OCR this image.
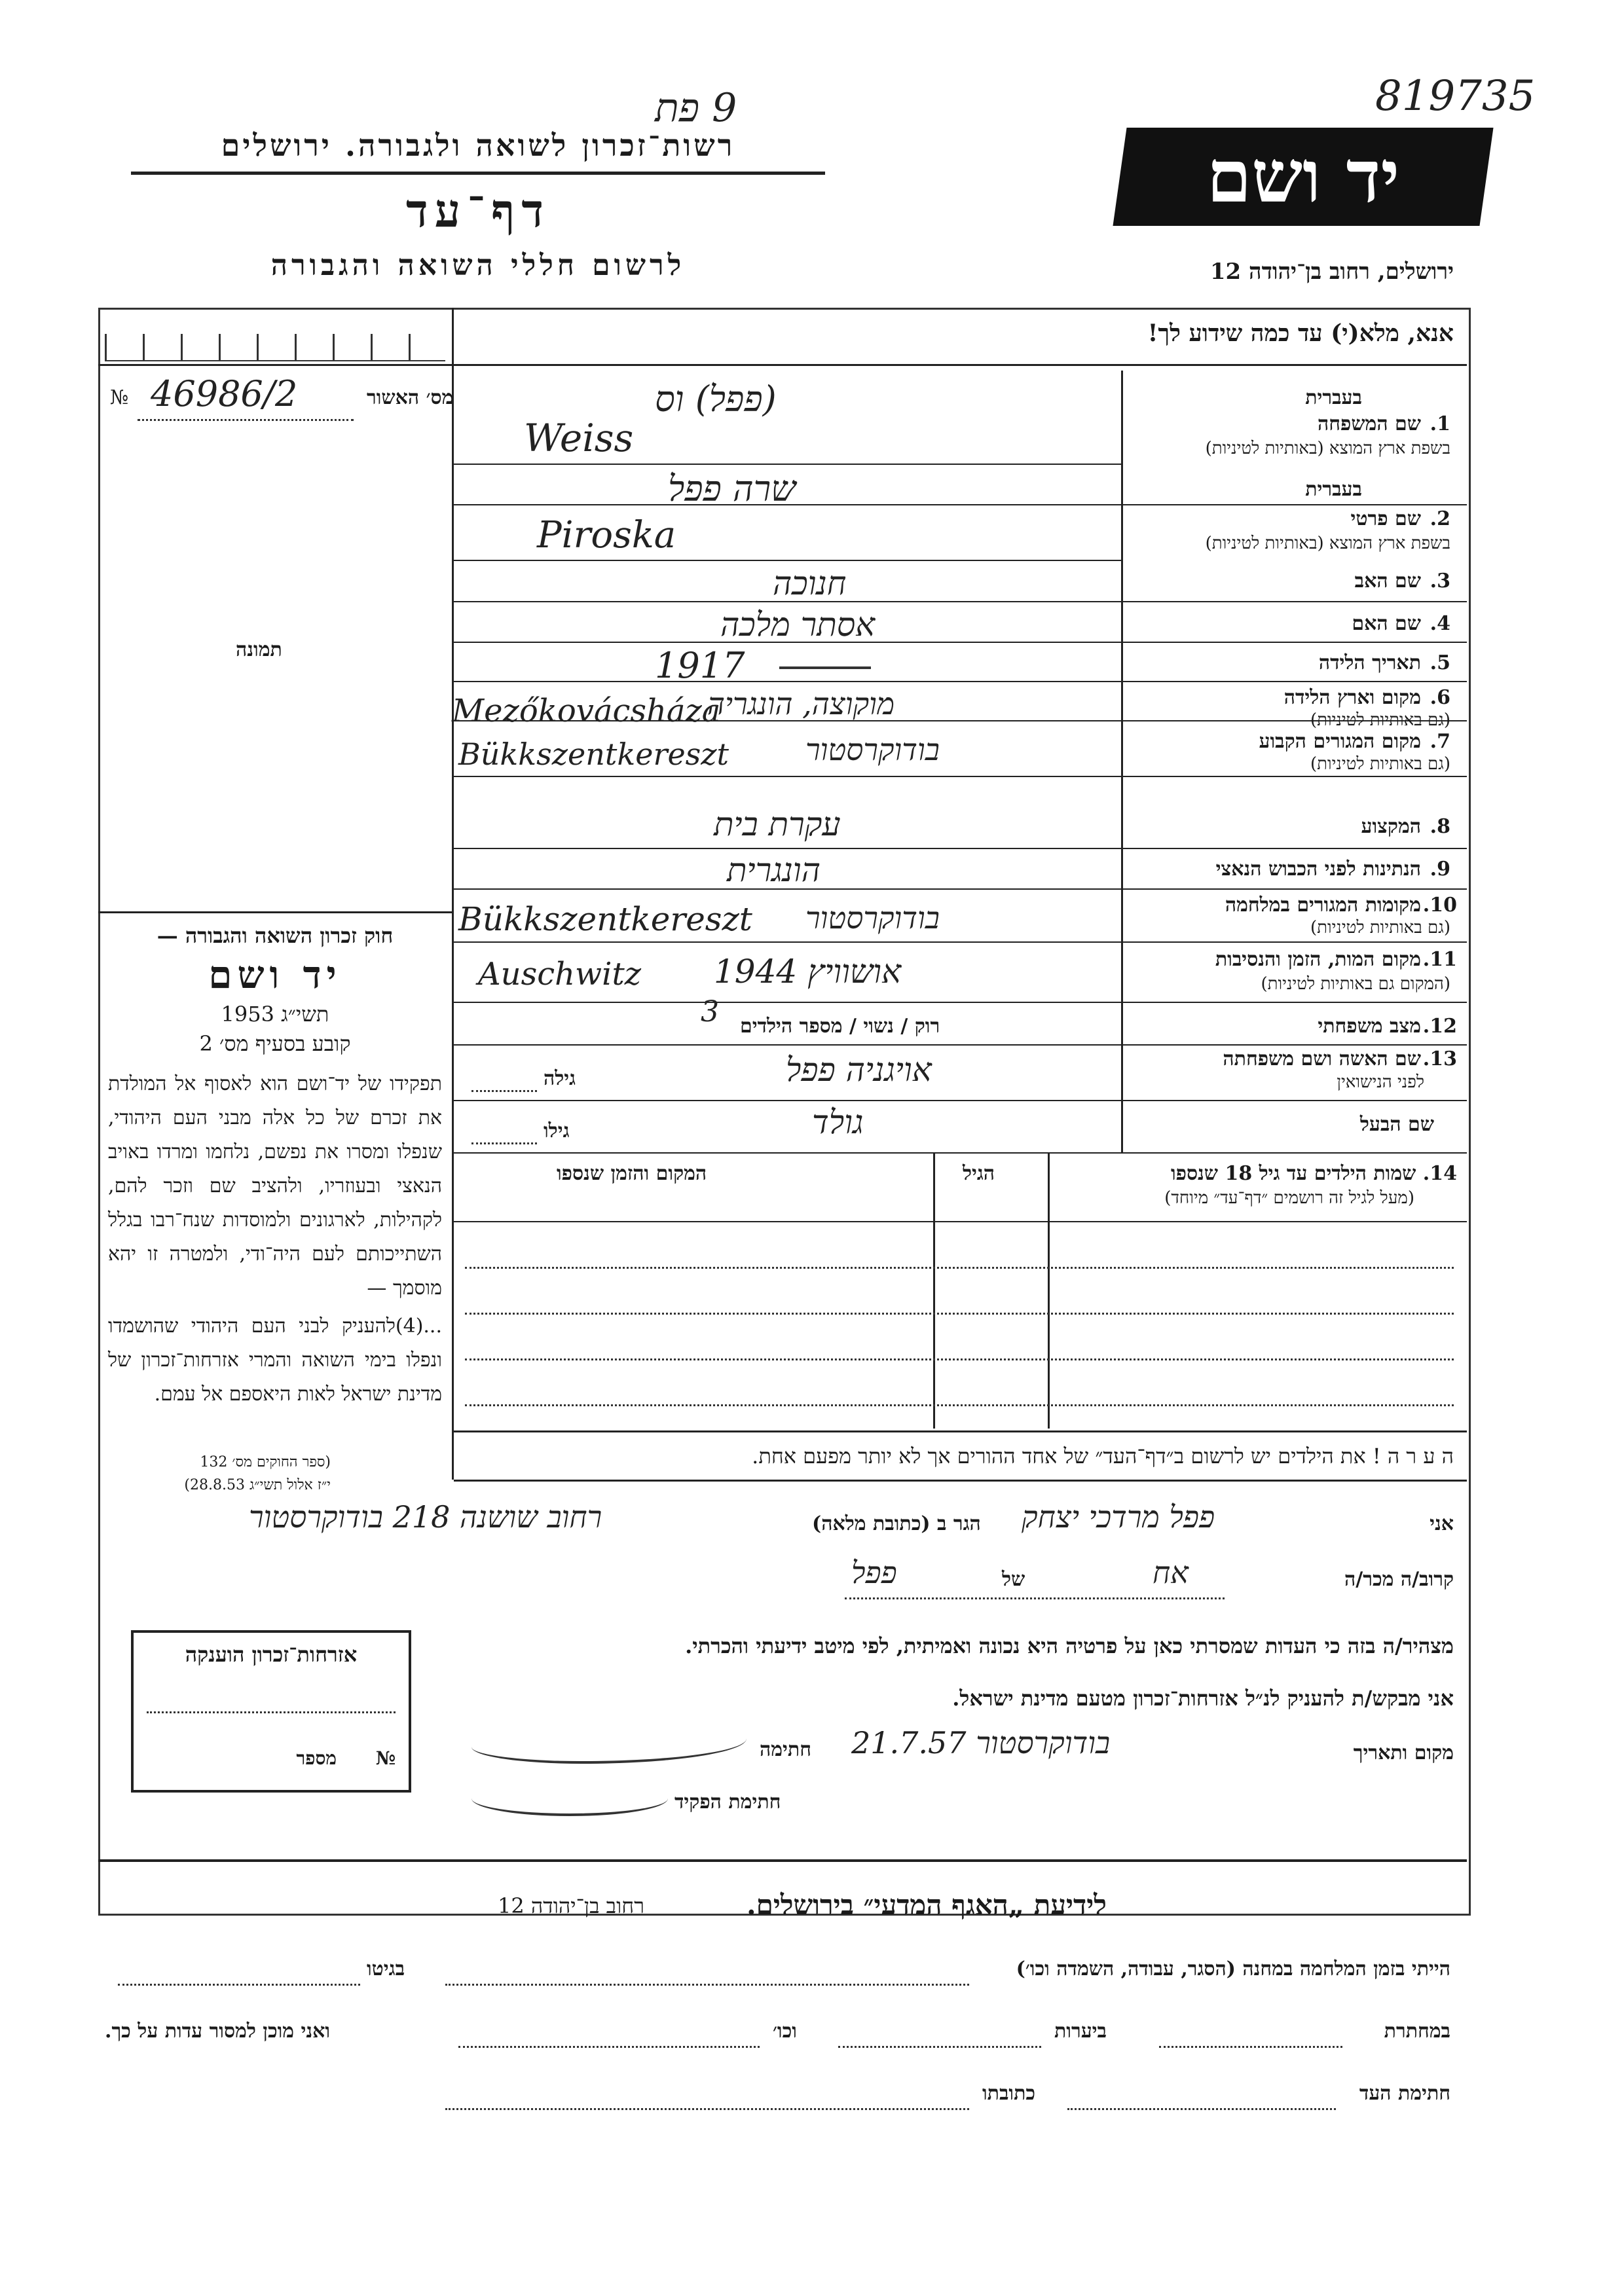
819735
9 פת
רשות־זכרון לשואה ולגבורה. ירושלים
דף־עד
לרשום חללי השואה והגבורה
יד ושם
ירושלים, רחוב בן־יהודה 12
אנא, מלא(י) עד כמה שידוע לך!
מס׳ האשור
46986/2
№
תמונה
חוק זכרון השואה והגבורה —
יד ושם
תשי״ג 1953
קובע בסעיף מס׳ 2
תפקידו של יד־ושם הוא לאסוף אל המולדת את זכרם של כל אלה מבני העם היהודי, שנפלו ומסרו את נפשם, נלחמו ומרדו באויב הנאצי ובעוזריו, ולהציב שם וזכר להם, לקהילות, לארגונים ולמוסדות שנח־רבו בגלל השתייכותם לעם היה־ודי, ולמטרה זו יהא מוסמך —
...(4)להעניק לבני העם היהודי שהושמדו ונפלו בימי השואה והמרי אזרחות־זכרון של מדינת ישראל לאות היאספם אל עמם.
(ספר החוקים מס׳ 132
י״ז אלול תשי״ג 28.8.53)
בעברית
1.
שם המשפחה
בשפת ארץ המוצא (באותיות לטיניות)
(פפל) וס
Weiss
בעברית
2.
שם פרטי
בשפת ארץ המוצא (באותיות לטיניות)
שרה פפל
Piroska
3.
שם האב
חנוכה
4.
שם האם
אסתר מלכה
5.
תאריך הלידה
1917
6.
מקום וארץ הלידה
(גם באותיות לטיניות)
מוקוצה, הונגריה
Mezőkovácsháza
7.
מקום המגורים הקבוע
(גם באותיות לטיניות)
בודוקרסטור
Bükkszentkereszt
8.
המקצוע
עקרת בית
9.
הנתינות לפני הכבוש הנאצי
הונגרית
10.
מקומות המגורים במלחמה
(גם באותיות לטיניות)
בודוקרסטור
Bükkszentkereszt
11.
מקום המות, הזמן והנסיבות
(המקום גם באותיות לטיניות)
אושוויץ 1944
Auschwitz
12.
מצב משפחתי
רוק / נשוי / מספר הילדים
3
13.
שם האשה ושם משפחתה
לפני הנישואין
אויגניה פפל
גילה
שם הבעל
גולד
גילו
14. שמות הילדים עד גיל 18 שנספו
(מעל לגיל זה רושמים ״דף־עד״ מיוחד)
הגיל
המקום והזמן שנספו
ה ע ר ה ! את הילדים יש לרשום ב״דף־העד״ של אחד ההורים אך לא יותר מפעם אחת.
אני
פפל מרדכי יצחק
הגר ב (כתובת מלאה)
רחוב שושנה 218 בודוקרסטור
קרוב/ה מכר/ה
אח
של
פפל
מצהיר/ה בזה כי העדות שמסרתי כאן על פרטיה היא נכונה ואמיתית, לפי מיטב ידיעתי והכרתי.
אני מבקש/ת להעניק לנ״ל אזרחות־זכרון מטעם מדינת ישראל.
מקום ותאריך
בודוקרסטור 21.7.57
חתימה
חתימת הפקיד
אזרחות־זכרון הוענקה
מספר №
לידיעת „האגף המדעי״ בירושלים.
רחוב בן־יהודה 12
הייתי בזמן המלחמה במחנה (הסגר, עבודה, השמדה וכו׳)
בגיטו
במחתרת
ביערות
וכו׳
ואני מוכן למסור עדות על כך.
חתימת העד
כתובתו
